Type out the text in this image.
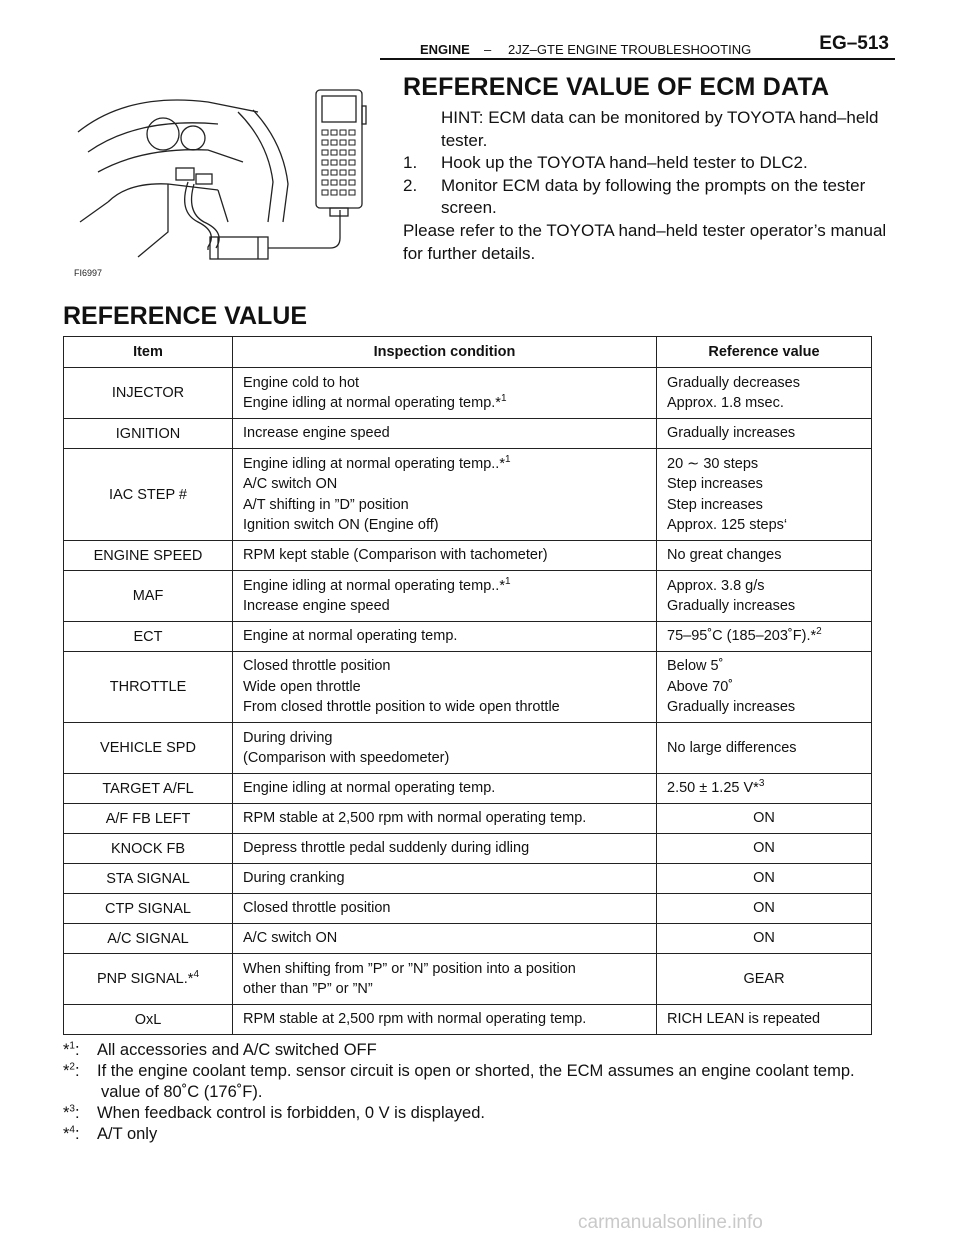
ENGINE – 2JZ–GTE ENGINE TROUBLESHOOTING	EG–513
FI6997
REFERENCE VALUE OF ECM DATA
HINT: ECM data can be monitored by TOYOTA hand–held
tester.
1. Hook up the TOYOTA hand–held tester to DLC2.
2. Monitor ECM data by following the prompts on the tester
screen.
Please refer to the TOYOTA hand–held tester operator’s manual
for further details.
REFERENCE VALUE
Item	Inspection condition	Reference value
INJECTOR	Engine cold to hot
Engine idling at normal operating temp.*$^1$	Gradually decreases
Approx. 1.8 msec.

IGNITION	Increase engine speed	Gradually increases

IAC STEP #	Engine idling at normal operating temp..*$^1$
A/C switch ON
A/T shifting in ”D” position
Ignition switch ON (Engine off)	20 ∼ 30 steps
Step increases
Step increases
Approx. 125 steps‘

ENGINE SPEED	RPM kept stable (Comparison with tachometer)	No great changes

MAF	Engine idling at normal operating temp..*$^1$
Increase engine speed	Approx. 3.8 g/s
Gradually increases

ECT	Engine at normal operating temp.	75–95˚C (185–203˚F).*$^2$

THROTTLE	Closed throttle position
Wide open throttle
From closed throttle position to wide open throttle	Below 5˚
Above 70˚
Gradually increases

VEHICLE SPD	During driving
(Comparison with speedometer)	No large differences

TARGET A/FL	Engine idling at normal operating temp.	2.50 ± 1.25 V*$^3$

A/F FB LEFT	RPM stable at 2,500 rpm with normal operating temp.	ON

KNOCK FB	Depress throttle pedal suddenly during idling	ON

STA SIGNAL	During cranking	ON

CTP SIGNAL	Closed throttle position	ON

A/C SIGNAL	A/C switch ON	ON

PNP SIGNAL.*$^4$	When shifting from ”P” or ”N” position into a position
other than ”P” or ”N”	GEAR

OxL	RPM stable at 2,500 rpm with normal operating temp.	RICH LEAN is repeated
*$^1$: All accessories and A/C switched OFF
*$^2$: If the engine coolant temp. sensor circuit is open or shorted, the ECM assumes an engine coolant temp.
value of 80˚C (176˚F).
*$^3$: When feedback control is forbidden, 0 V is displayed.
*$^4$: A/T only
carmanualsonline.info
